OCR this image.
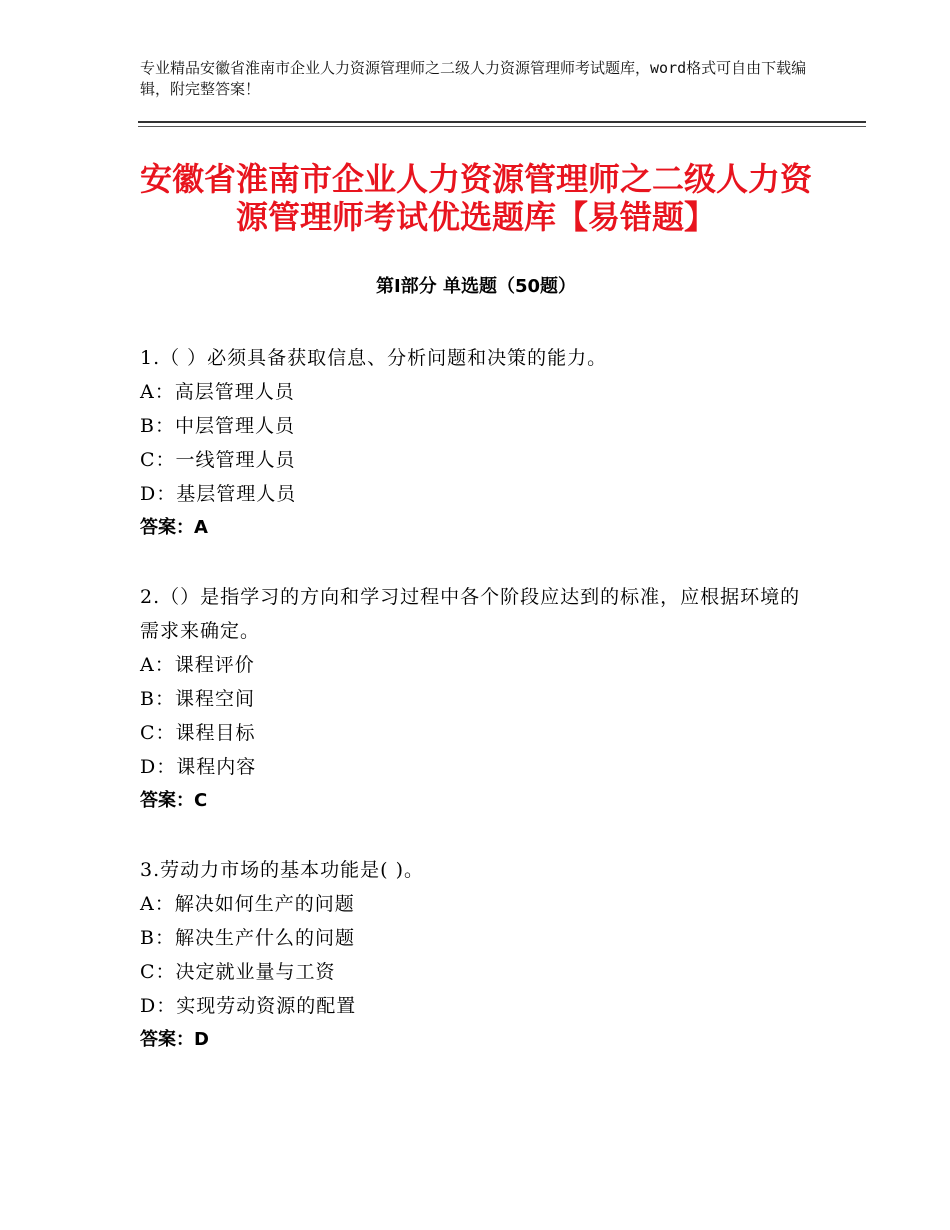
专业精品安徽省淮南市企业人力资源管理师之二级人力资源管理师考试题库，word格式可自由下载编辑，附完整答案！
安徽省淮南市企业人力资源管理师之二级人力资源管理师考试优选题库【易错题】
第Ⅰ部分 单选题（50题）

1.（ ）必须具备获取信息、分析问题和决策的能力。

A：高层管理人员

B：中层管理人员

C：一线管理人员

D：基层管理人员

答案：A

2.（）是指学习的方向和学习过程中各个阶段应达到的标准，应根据环境的需求来确定。

A：课程评价

B：课程空间

C：课程目标

D：课程内容

答案：C

3.劳动力市场的基本功能是( )。

A：解决如何生产的问题

B：解决生产什么的问题

C：决定就业量与工资

D：实现劳动资源的配置

答案：D
